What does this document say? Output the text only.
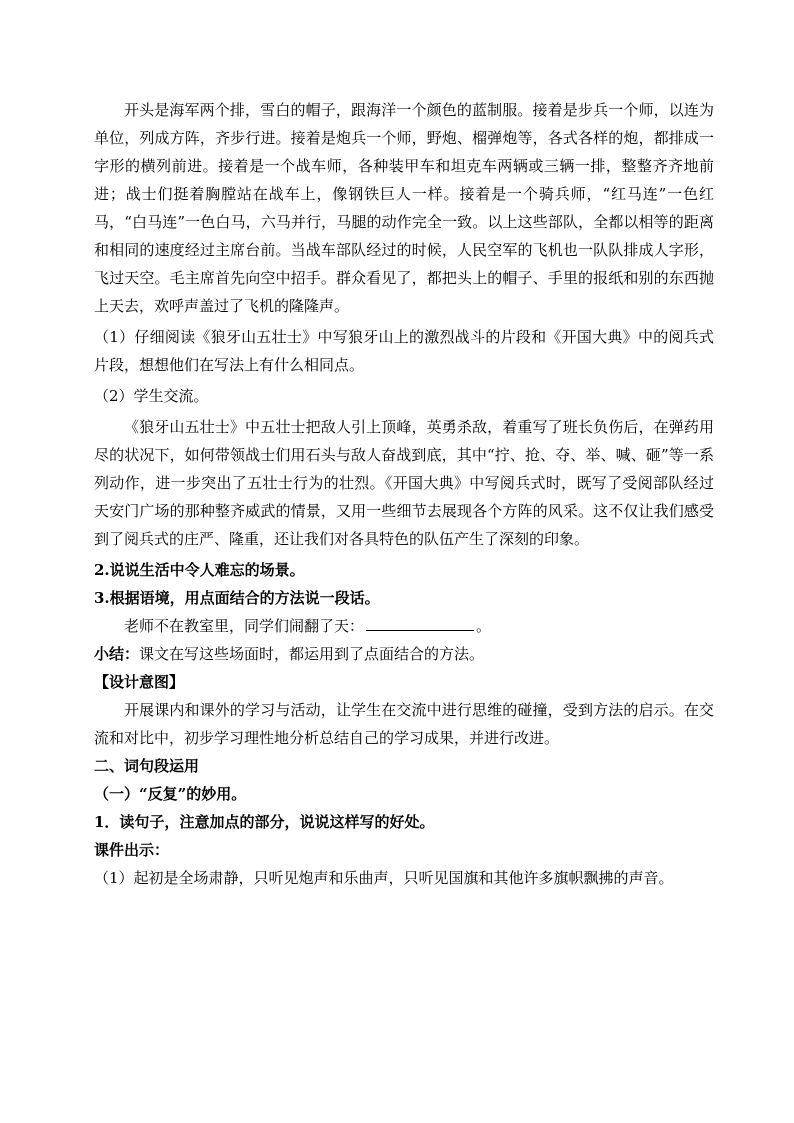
开头是海军两个排，雪白的帽子，跟海洋一个颜色的蓝制服。接着是步兵一个师，以连为单位，列成方阵，齐步行进。接着是炮兵一个师，野炮、榴弹炮等，各式各样的炮，都排成一字形的横列前进。接着是一个战车师，各种装甲车和坦克车两辆或三辆一排，整整齐齐地前进；战士们挺着胸膛站在战车上，像钢铁巨人一样。接着是一个骑兵师，“红马连”一色红马，“白马连”一色白马，六马并行，马腿的动作完全一致。以上这些部队，全都以相等的距离和相同的速度经过主席台前。当战车部队经过的时候，人民空军的飞机也一队队排成人字形，飞过天空。毛主席首先向空中招手。群众看见了，都把头上的帽子、手里的报纸和别的东西抛上天去，欢呼声盖过了飞机的隆隆声。

（1）仔细阅读《狼牙山五壮士》中写狼牙山上的激烈战斗的片段和《开国大典》中的阅兵式片段，想想他们在写法上有什么相同点。

（2）学生交流。

《狼牙山五壮士》中五壮士把敌人引上顶峰，英勇杀敌，着重写了班长负伤后，在弹药用尽的状况下，如何带领战士们用石头与敌人奋战到底，其中“拧、抢、夺、举、喊、砸”等一系列动作，进一步突出了五壮士行为的壮烈。《开国大典》中写阅兵式时，既写了受阅部队经过天安门广场的那种整齐威武的情景，又用一些细节去展现各个方阵的风采。这不仅让我们感受到了阅兵式的庄严、隆重，还让我们对各具特色的队伍产生了深刻的印象。

2.说说生活中令人难忘的场景。

3.根据语境，用点面结合的方法说一段话。

老师不在教室里，同学们闹翻了天：	。

小结：课文在写这些场面时，都运用到了点面结合的方法。

【设计意图】

开展课内和课外的学习与活动，让学生在交流中进行思维的碰撞，受到方法的启示。在交流和对比中，初步学习理性地分析总结自己的学习成果，并进行改进。

二、词句段运用

（一）“反复”的妙用。

1．读句子，注意加点的部分，说说这样写的好处。

课件出示：

（1）起初是全场肃静，只听见炮声和乐曲声，只听见国旗和其他许多旗帜飘拂的声音。
